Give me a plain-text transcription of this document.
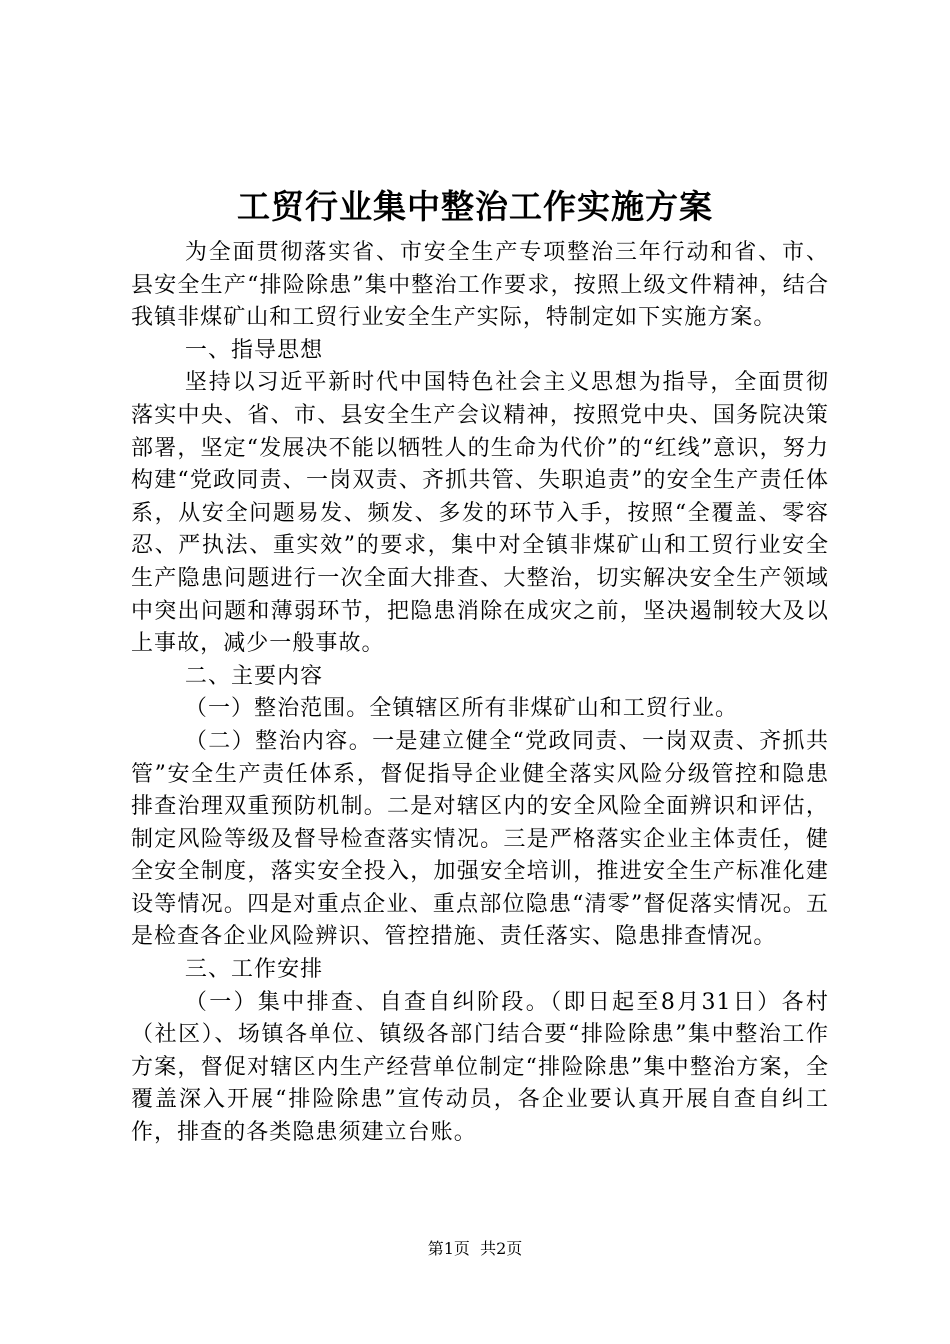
工贸行业集中整治工作实施方案

为全面贯彻落实省、市安全生产专项整治三年行动和省、市、县安全生产“排险除患”集中整治工作要求，按照上级文件精神，结合我镇非煤矿山和工贸行业安全生产实际，特制定如下实施方案。

一、指导思想

坚持以习近平新时代中国特色社会主义思想为指导，全面贯彻落实中央、省、市、县安全生产会议精神，按照党中央、国务院决策部署，坚定“发展决不能以牺牲人的生命为代价”的“红线”意识，努力构建“党政同责、一岗双责、齐抓共管、失职追责”的安全生产责任体系，从安全问题易发、频发、多发的环节入手，按照“全覆盖、零容忍、严执法、重实效”的要求，集中对全镇非煤矿山和工贸行业安全生产隐患问题进行一次全面大排查、大整治，切实解决安全生产领域中突出问题和薄弱环节，把隐患消除在成灾之前，坚决遏制较大及以上事故，减少一般事故。

二、主要内容

（一）整治范围。全镇辖区所有非煤矿山和工贸行业。

（二）整治内容。一是建立健全“党政同责、一岗双责、齐抓共管”安全生产责任体系，督促指导企业健全落实风险分级管控和隐患排查治理双重预防机制。二是对辖区内的安全风险全面辨识和评估，制定风险等级及督导检查落实情况。三是严格落实企业主体责任，健全安全制度，落实安全投入，加强安全培训，推进安全生产标准化建设等情况。四是对重点企业、重点部位隐患“清零”督促落实情况。五是检查各企业风险辨识、管控措施、责任落实、隐患排查情况。

三、工作安排

（一）集中排查、自查自纠阶段。（即日起至8月31日）各村（社区）、场镇各单位、镇级各部门结合要“排险除患”集中整治工作方案，督促对辖区内生产经营单位制定“排险除患”集中整治方案，全覆盖深入开展“排险除患”宣传动员，各企业要认真开展自查自纠工作，排查的各类隐患须建立台账。

第1页 共2页
